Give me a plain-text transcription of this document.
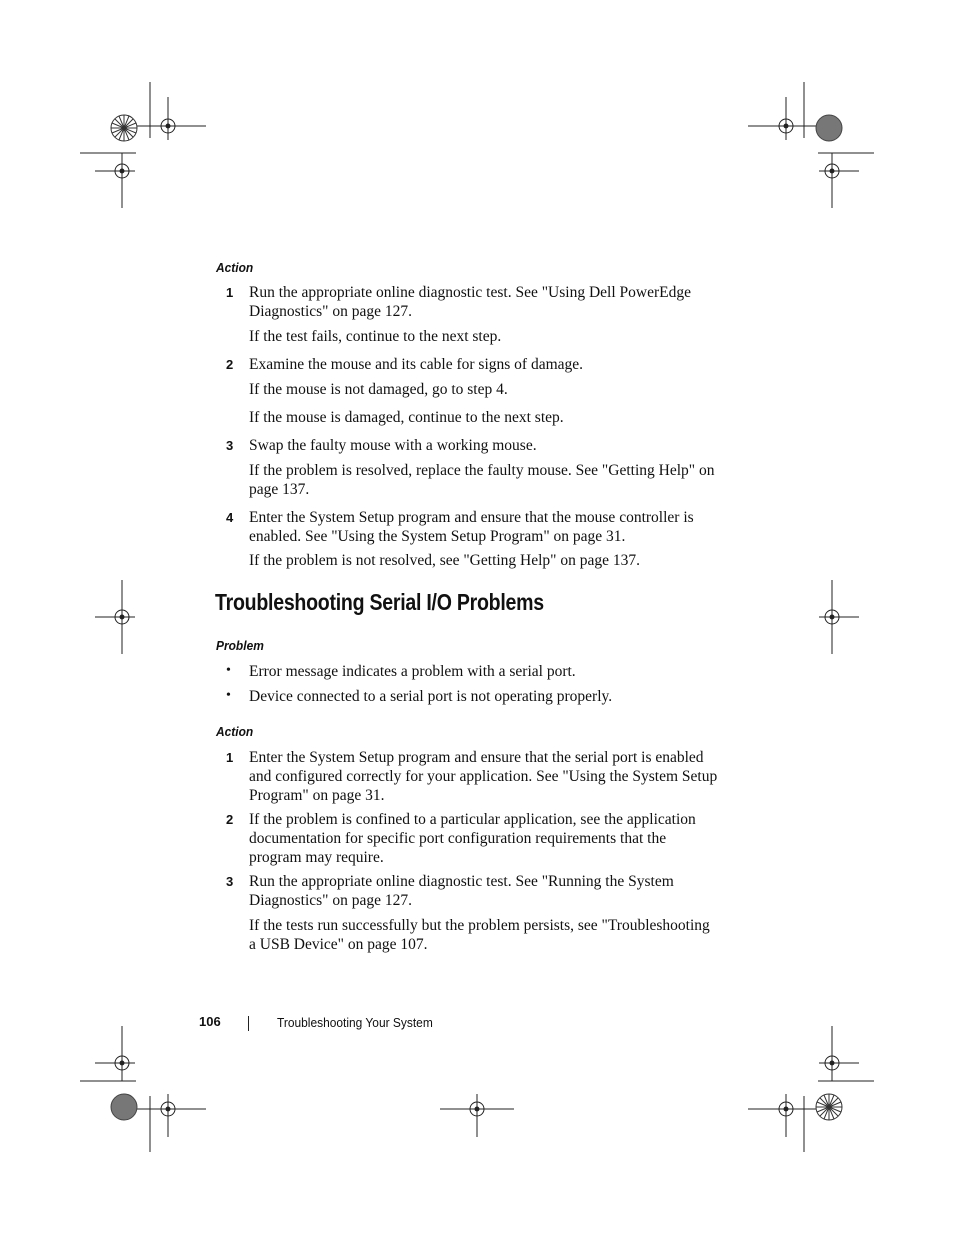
Action
1 Run the appropriate online diagnostic test. See "Using Dell PowerEdge Diagnostics" on page 127.
If the test fails, continue to the next step.
2 Examine the mouse and its cable for signs of damage.
If the mouse is not damaged, go to step 4.
If the mouse is damaged, continue to the next step.
3 Swap the faulty mouse with a working mouse.
If the problem is resolved, replace the faulty mouse. See "Getting Help" on page 137.
4 Enter the System Setup program and ensure that the mouse controller is enabled. See "Using the System Setup Program" on page 31.
If the problem is not resolved, see "Getting Help" on page 137.
Troubleshooting Serial I/O Problems
Problem
• Error message indicates a problem with a serial port.
• Device connected to a serial port is not operating properly.
Action
1 Enter the System Setup program and ensure that the serial port is enabled and configured correctly for your application. See "Using the System Setup Program" on page 31.
2 If the problem is confined to a particular application, see the application documentation for specific port configuration requirements that the program may require.
3 Run the appropriate online diagnostic test. See "Running the System Diagnostics" on page 127.
If the tests run successfully but the problem persists, see "Troubleshooting a USB Device" on page 107.
106	Troubleshooting Your System
